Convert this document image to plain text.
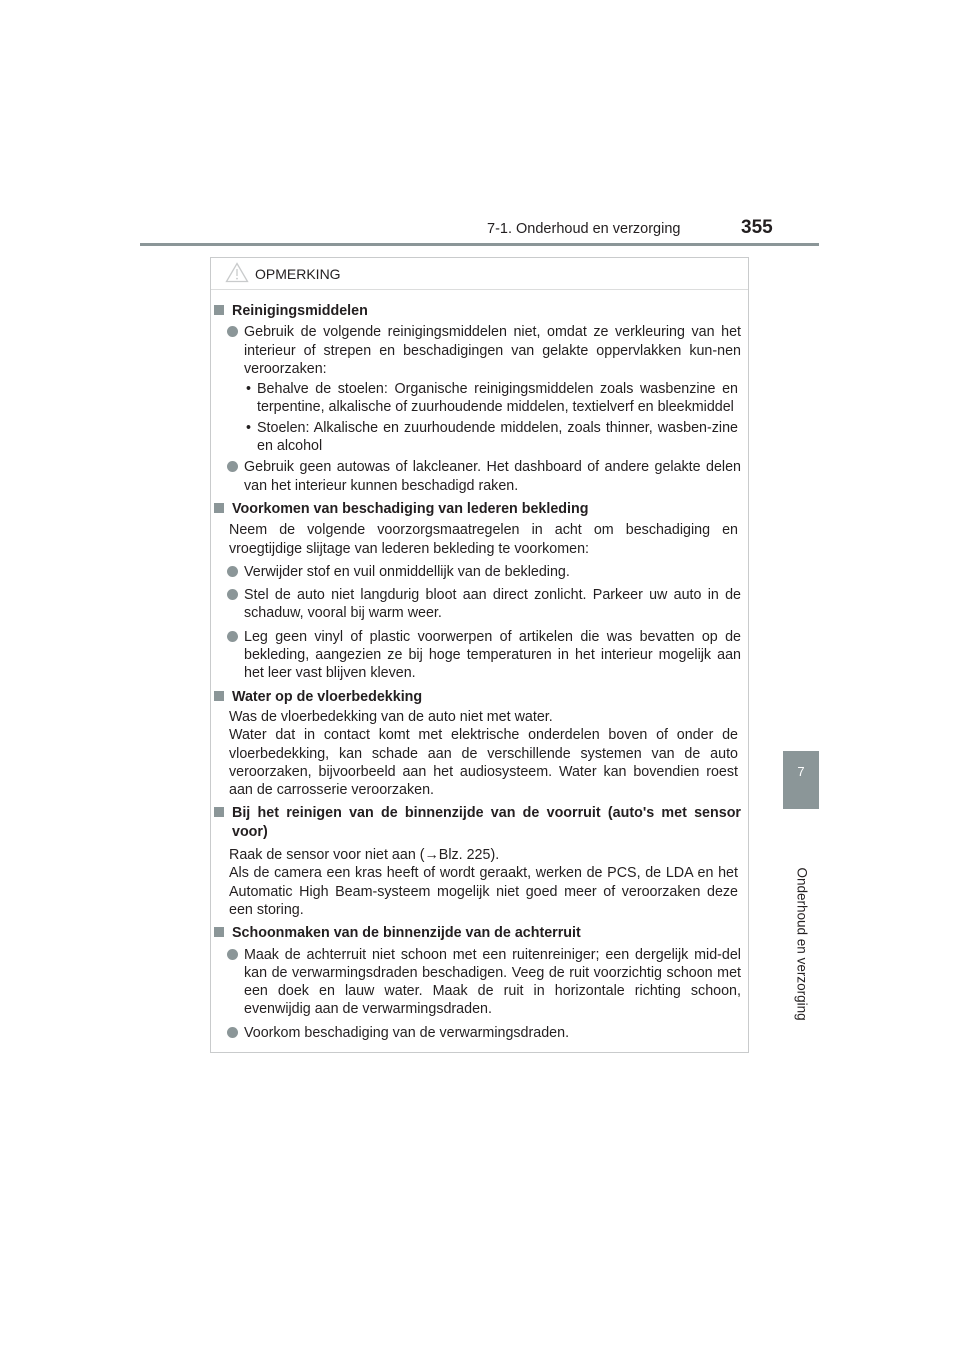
7-1. Onderhoud en verzorging	355
7
Onderhoud en verzorging
OPMERKING
Reinigingsmiddelen
Gebruik de volgende reinigingsmiddelen niet, omdat ze verkleuring van het interieur of strepen en beschadigingen van gelakte oppervlakken kun-nen veroorzaken:
• Behalve de stoelen: Organische reinigingsmiddelen zoals wasbenzine en terpentine, alkalische of zuurhoudende middelen, textielverf en bleekmiddel
• Stoelen: Alkalische en zuurhoudende middelen, zoals thinner, wasben-zine en alcohol
Gebruik geen autowas of lakcleaner. Het dashboard of andere gelakte delen van het interieur kunnen beschadigd raken.
Voorkomen van beschadiging van lederen bekleding
Neem de volgende voorzorgsmaatregelen in acht om beschadiging en vroegtijdige slijtage van lederen bekleding te voorkomen:
Verwijder stof en vuil onmiddellijk van de bekleding.
Stel de auto niet langdurig bloot aan direct zonlicht. Parkeer uw auto in de schaduw, vooral bij warm weer.
Leg geen vinyl of plastic voorwerpen of artikelen die was bevatten op de bekleding, aangezien ze bij hoge temperaturen in het interieur mogelijk aan het leer vast blijven kleven.
Water op de vloerbedekking
Was de vloerbedekking van de auto niet met water.
Water dat in contact komt met elektrische onderdelen boven of onder de vloerbedekking, kan schade aan de verschillende systemen van de auto veroorzaken, bijvoorbeeld aan het audiosysteem. Water kan bovendien roest aan de carrosserie veroorzaken.
Bij het reinigen van de binnenzijde van de voorruit (auto's met sensor voor)
Raak de sensor voor niet aan (→Blz. 225).
Als de camera een kras heeft of wordt geraakt, werken de PCS, de LDA en het Automatic High Beam-systeem mogelijk niet goed meer of veroorzaken deze een storing.
Schoonmaken van de binnenzijde van de achterruit
Maak de achterruit niet schoon met een ruitenreiniger; een dergelijk mid-del kan de verwarmingsdraden beschadigen. Veeg de ruit voorzichtig schoon met een doek en lauw water. Maak de ruit in horizontale richting schoon, evenwijdig aan de verwarmingsdraden.
Voorkom beschadiging van de verwarmingsdraden.
